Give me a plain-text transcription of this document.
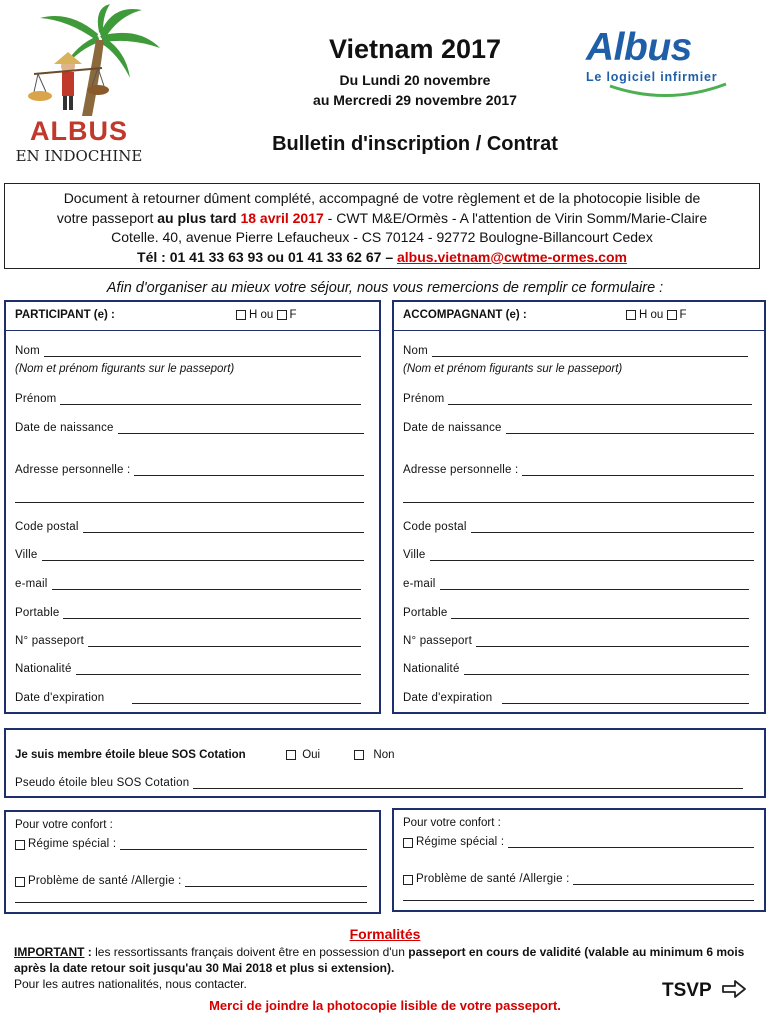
ALBUS
EN INDOCHINE
Albus
Le logiciel infirmier
Vietnam 2017
Du Lundi 20 novembre
au Mercredi 29 novembre 2017
Bulletin d'inscription / Contrat
Document à retourner dûment complété, accompagné de votre règlement et de la photocopie lisible de
votre passeport au plus tard 18 avril 2017 - CWT M&E/Ormès - A l'attention de Virin Somm/Marie-Claire
Cotelle. 40, avenue Pierre Lefaucheux - CS 70124 - 92772 Boulogne-Billancourt Cedex
Tél : 01 41 33 63 93 ou 01 41 33 62 67 – albus.vietnam@cwtme-ormes.com
Afin d'organiser au mieux votre séjour, nous vous remercions de remplir ce formulaire :
PARTICIPANT (e) :	H ou F
Nom
(Nom et prénom figurants sur le passeport)
Prénom
Date de naissance
Adresse personnelle :
Code postal
Ville
e-mail
Portable
N° passeport
Nationalité
Date d'expiration
ACCOMPAGNANT (e) :	H ou F
Nom
(Nom et prénom figurants sur le passeport)
Prénom
Date de naissance
Adresse personnelle :
Code postal
Ville
e-mail
Portable
N° passeport
Nationalité
Date d'expiration
Je suis membre étoile bleue SOS Cotation	Oui	Non
Pseudo étoile bleu SOS Cotation
Pour votre confort :
Régime spécial :
Problème de santé /Allergie :
Pour votre confort :
Régime spécial :
Problème de santé /Allergie :
Formalités
IMPORTANT : les ressortissants français doivent être en possession d'un passeport en cours de validité (valable au minimum 6 mois après la date retour soit jusqu'au 30 Mai 2018 et plus si extension).
Pour les autres nationalités, nous contacter.	TSVP
Merci de joindre la photocopie lisible de votre passeport.
